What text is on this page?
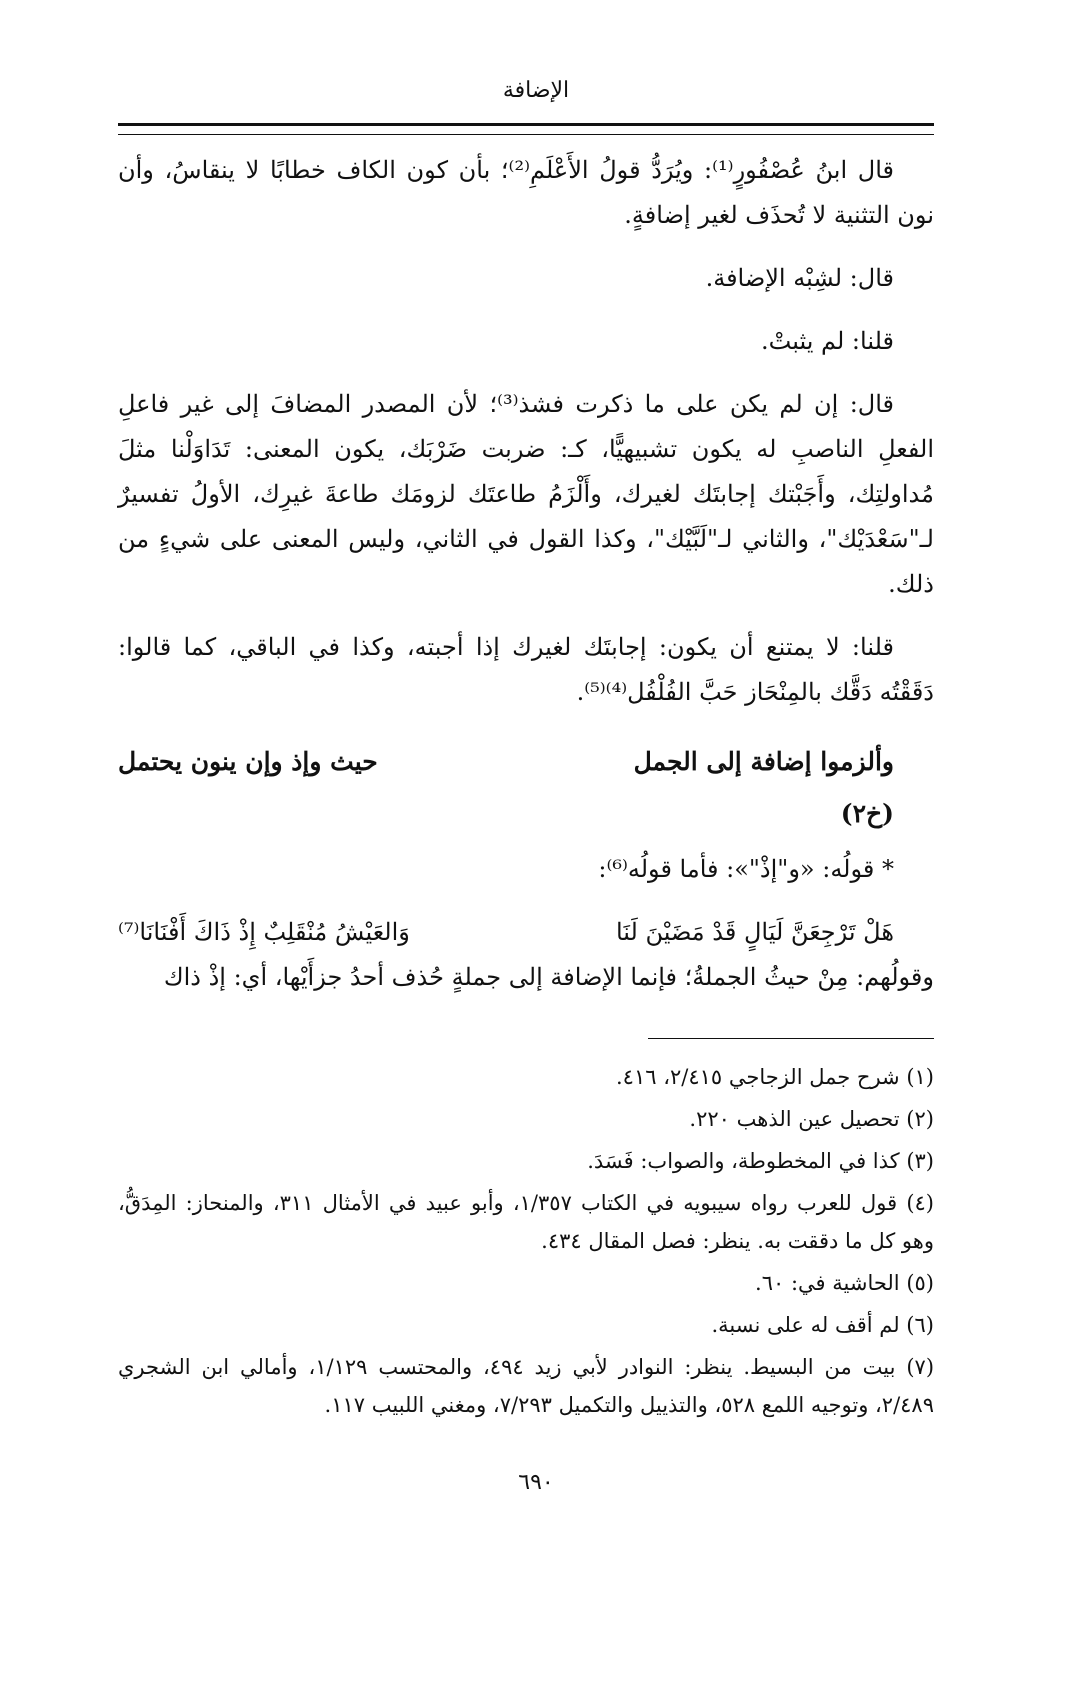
الإضافة

قال ابنُ عُصْفُورٍ⁽¹⁾: ويُرَدُّ قولُ الأَعْلَمِ⁽²⁾؛ بأن كون الكاف خطابًا لا ينقاسُ، وأن نون التثنية لا تُحذَف لغير إضافةٍ.

قال: لشِبْه الإضافة.

قلنا: لم يثبتْ.

قال: إن لم يكن على ما ذكرت فشذ⁽³⁾؛ لأن المصدر المضافَ إلى غير فاعلِ الفعلِ الناصبِ له يكون تشبيهيًّا، كـ: ضربت ضَرْبَك، يكون المعنى: تَدَاوَلْنا مثلَ مُداولتِك، وأَجَبْتك إجابتَك لغيرك، وأَلْزَمُ طاعتَك لزومَك طاعةَ غيرِك، الأولُ تفسيرٌ لـ"سَعْدَيْك"، والثاني لـ"لَبَّيْك"، وكذا القول في الثاني، وليس المعنى على شيءٍ من ذلك.

قلنا: لا يمتنع أن يكون: إجابتَك لغيرك إذا أجبته، وكذا في الباقي، كما قالوا: دَقَقْتُه دَقَّك بالمِنْحَاز حَبَّ الفُلْفُل⁽⁴⁾⁽⁵⁾.

وألزموا إضافة إلى الجمل
حيث وإذ وإن ينون يحتمل
(خ٢)

* قولُه: «و"إذْ"»: فأما قولُه⁽⁶⁾:

هَلْ تَرْجِعَنَّ لَيَالٍ قَدْ مَضَيْنَ لَنَا
وَالعَيْشُ مُنْقَلِبٌ إِذْ ذَاكَ أَفْنَانَا⁽⁷⁾

وقولُهم: مِنْ حيثُ الجملةُ؛ فإنما الإضافة إلى جملةٍ حُذف أحدُ جزأَيْها، أي: إذْ ذاك

(١) شرح جمل الزجاجي ٢/٤١٥، ٤١٦.
(٢) تحصيل عين الذهب ٢٢٠.
(٣) كذا في المخطوطة، والصواب: فَسَدَ.
(٤) قول للعرب رواه سيبويه في الكتاب ١/٣٥٧، وأبو عبيد في الأمثال ٣١١، والمنحاز: المِدَقُّ، وهو كل ما دققت به. ينظر: فصل المقال ٤٣٤.
(٥) الحاشية في: ٦٠.
(٦) لم أقف له على نسبة.
(٧) بيت من البسيط. ينظر: النوادر لأبي زيد ٤٩٤، والمحتسب ١/١٢٩، وأمالي ابن الشجري ٢/٤٨٩، وتوجيه اللمع ٥٢٨، والتذييل والتكميل ٧/٢٩٣، ومغني اللبيب ١١٧.
٦٩٠
